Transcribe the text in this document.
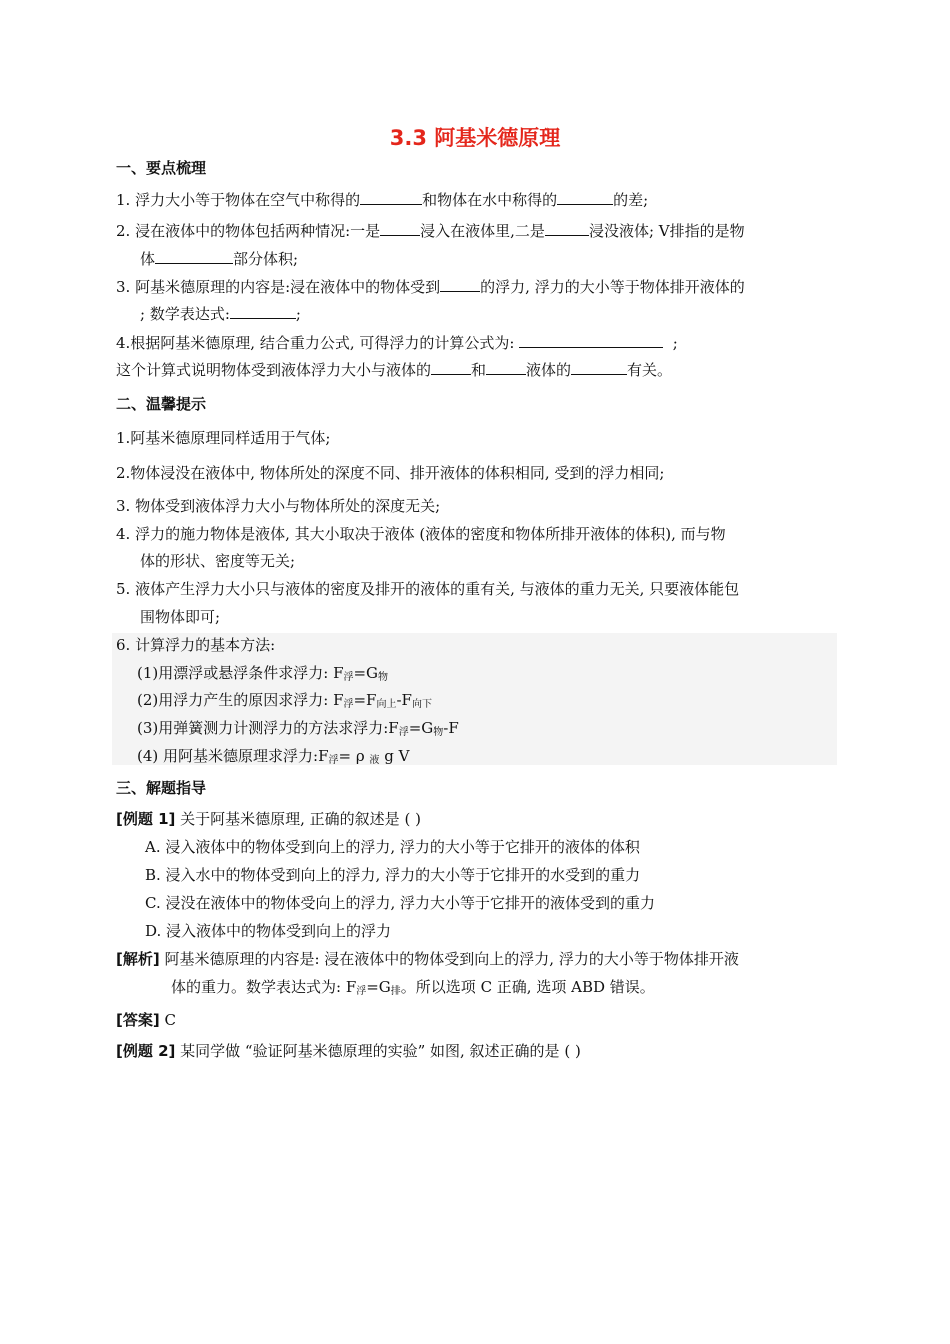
3.3 阿基米德原理
一、要点梳理
1. 浮力大小等于物体在空气中称得的	和物体在水中称得的	的差;
2. 浸在液体中的物体包括两种情况:一是	浸入在液体里,二是	浸没液体; V排指的是物
体	部分体积;
3. 阿基米德原理的内容是:浸在液体中的物体受到	的浮力, 浮力的大小等于物体排开液体的
; 数学表达式:	;
4.根据阿基米德原理, 结合重力公式, 可得浮力的计算公式为:	;
这个计算式说明物体受到液体浮力大小与液体的	和	液体的	有关。
二、温馨提示
1.阿基米德原理同样适用于气体;
2.物体浸没在液体中, 物体所处的深度不同、排开液体的体积相同, 受到的浮力相同;
3. 物体受到液体浮力大小与物体所处的深度无关;
4. 浮力的施力物体是液体, 其大小取决于液体 (液体的密度和物体所排开液体的体积), 而与物
体的形状、密度等无关;
5. 液体产生浮力大小只与液体的密度及排开的液体的重有关, 与液体的重力无关, 只要液体能包
围物体即可;
6. 计算浮力的基本方法:
(1)用漂浮或悬浮条件求浮力: $F_浮=G_物$
(2)用浮力产生的原因求浮力: $F_浮=F_{向上}-F_{向下}$
(3)用弹簧测力计测浮力的方法求浮力$:F_浮=G_物-F$
(4) 用阿基米德原理求浮力$:F_浮= \rho$ $_液$ g V
三、解题指导
[例题 1] 关于阿基米德原理, 正确的叙述是 ( )
A. 浸入液体中的物体受到向上的浮力, 浮力的大小等于它排开的液体的体积
B. 浸入水中的物体受到向上的浮力, 浮力的大小等于它排开的水受到的重力
C. 浸没在液体中的物体受向上的浮力, 浮力大小等于它排开的液体受到的重力
D. 浸入液体中的物体受到向上的浮力
[解析] 阿基米德原理的内容是: 浸在液体中的物体受到向上的浮力, 浮力的大小等于物体排开液
体的重力。数学表达式为: $F_浮=G_排$。所以选项 C 正确, 选项 ABD 错误。
[答案] C
[例题 2] 某同学做 “验证阿基米德原理的实验” 如图, 叙述正确的是 ( )
